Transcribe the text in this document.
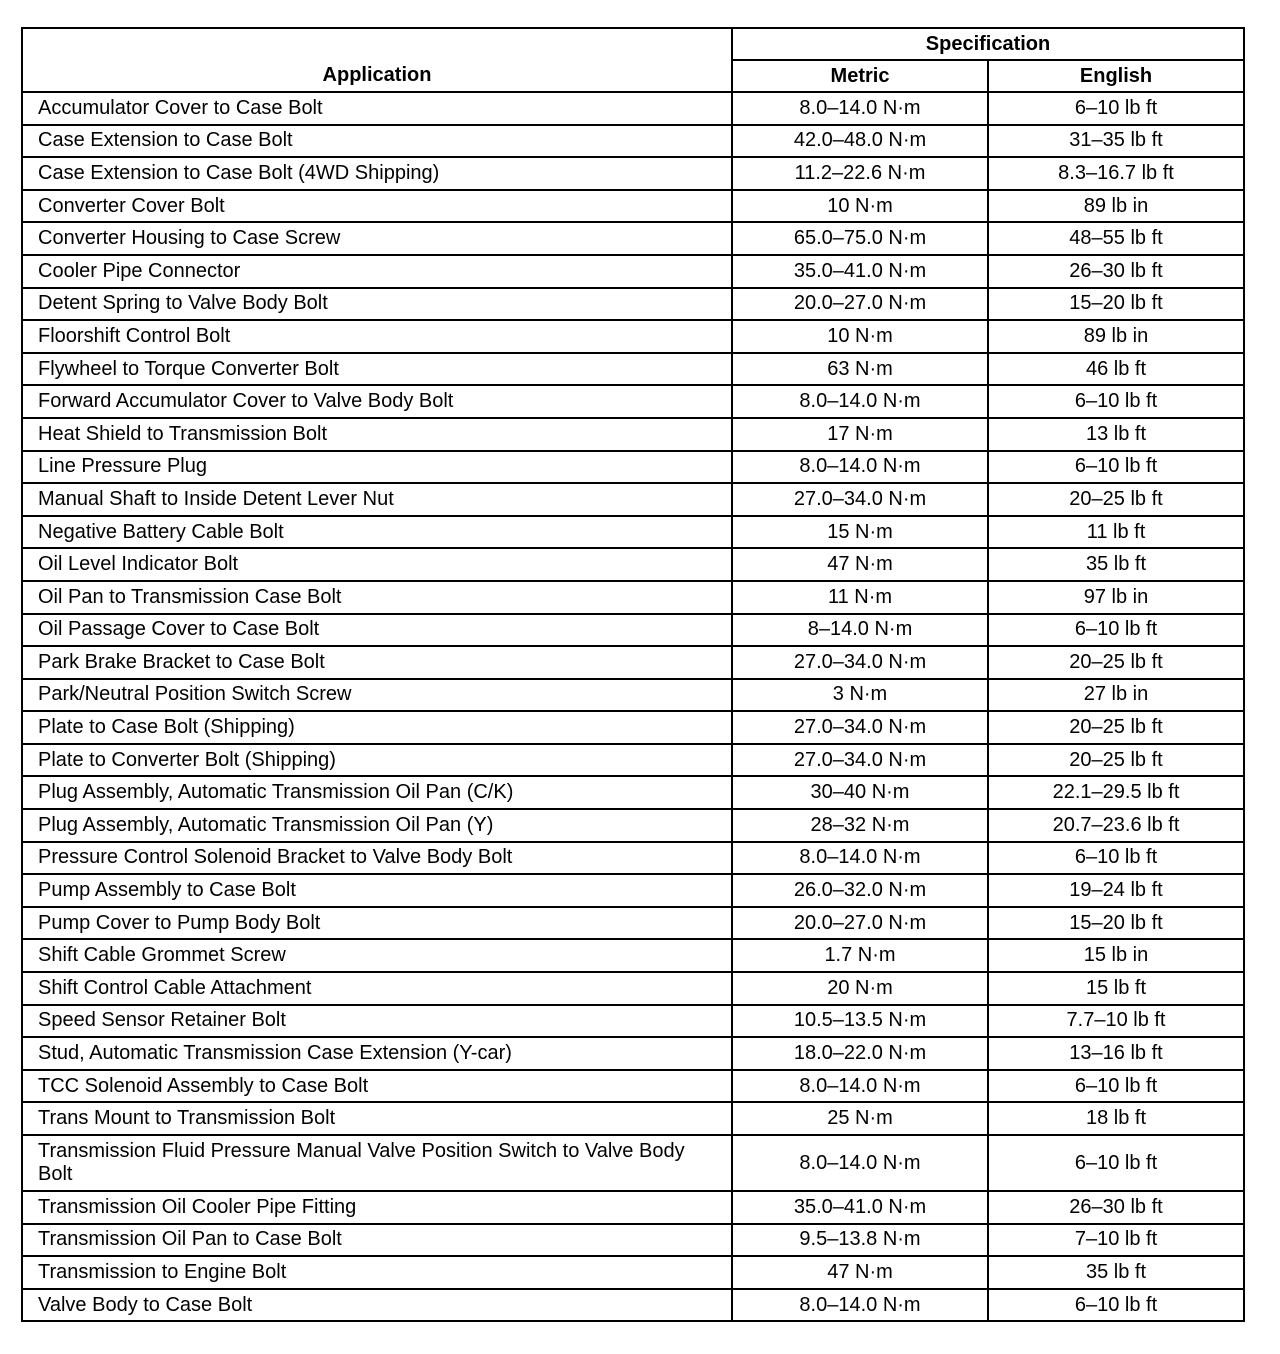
Application	Specification	
	Metric	English
Accumulator Cover to Case Bolt	8.0–14.0 N·m	6–10 lb ft
Case Extension to Case Bolt	42.0–48.0 N·m	31–35 lb ft
Case Extension to Case Bolt (4WD Shipping)	11.2–22.6 N·m	8.3–16.7 lb ft
Converter Cover Bolt	10 N·m	89 lb in
Converter Housing to Case Screw	65.0–75.0 N·m	48–55 lb ft
Cooler Pipe Connector	35.0–41.0 N·m	26–30 lb ft
Detent Spring to Valve Body Bolt	20.0–27.0 N·m	15–20 lb ft
Floorshift Control Bolt	10 N·m	89 lb in
Flywheel to Torque Converter Bolt	63 N·m	46 lb ft
Forward Accumulator Cover to Valve Body Bolt	8.0–14.0 N·m	6–10 lb ft
Heat Shield to Transmission Bolt	17 N·m	13 lb ft
Line Pressure Plug	8.0–14.0 N·m	6–10 lb ft
Manual Shaft to Inside Detent Lever Nut	27.0–34.0 N·m	20–25 lb ft
Negative Battery Cable Bolt	15 N·m	11 lb ft
Oil Level Indicator Bolt	47 N·m	35 lb ft
Oil Pan to Transmission Case Bolt	11 N·m	97 lb in
Oil Passage Cover to Case Bolt	8–14.0 N·m	6–10 lb ft
Park Brake Bracket to Case Bolt	27.0–34.0 N·m	20–25 lb ft
Park/Neutral Position Switch Screw	3 N·m	27 lb in
Plate to Case Bolt (Shipping)	27.0–34.0 N·m	20–25 lb ft
Plate to Converter Bolt (Shipping)	27.0–34.0 N·m	20–25 lb ft
Plug Assembly, Automatic Transmission Oil Pan (C/K)	30–40 N·m	22.1–29.5 lb ft
Plug Assembly, Automatic Transmission Oil Pan (Y)	28–32 N·m	20.7–23.6 lb ft
Pressure Control Solenoid Bracket to Valve Body Bolt	8.0–14.0 N·m	6–10 lb ft
Pump Assembly to Case Bolt	26.0–32.0 N·m	19–24 lb ft
Pump Cover to Pump Body Bolt	20.0–27.0 N·m	15–20 lb ft
Shift Cable Grommet Screw	1.7 N·m	15 lb in
Shift Control Cable Attachment	20 N·m	15 lb ft
Speed Sensor Retainer Bolt	10.5–13.5 N·m	7.7–10 lb ft
Stud, Automatic Transmission Case Extension (Y-car)	18.0–22.0 N·m	13–16 lb ft
TCC Solenoid Assembly to Case Bolt	8.0–14.0 N·m	6–10 lb ft
Trans Mount to Transmission Bolt	25 N·m	18 lb ft
Transmission Fluid Pressure Manual Valve Position Switch to Valve Body Bolt	8.0–14.0 N·m	6–10 lb ft
Transmission Oil Cooler Pipe Fitting	35.0–41.0 N·m	26–30 lb ft
Transmission Oil Pan to Case Bolt	9.5–13.8 N·m	7–10 lb ft
Transmission to Engine Bolt	47 N·m	35 lb ft
Valve Body to Case Bolt	8.0–14.0 N·m	6–10 lb ft
